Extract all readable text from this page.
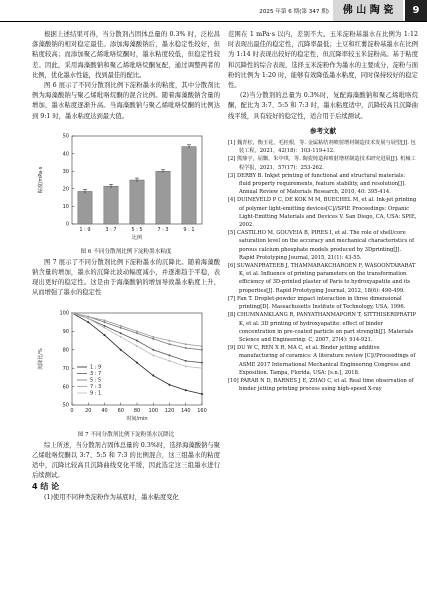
2025 年第 6 期(第 347 期)	佛 山 陶 瓷	9

根据上述结果可得，当分散剂占固体总量的 0.3% 时，泛松昌落藻酸钠的相对稳定最佳。添加海藻酸钠后，墨水稳定性较好，但粘度较高；而添加聚乙烯吡咯烷酮时，墨水粘度较低，但稳定性较差。因此，采用海藻酸钠和聚乙烯吡咯烷酮复配，通过调整两者的比例，优化墨水性能，找到最佳的配比。

图 6 展示了不同分散剂比例下淀粉墨水的粘度，其中分散剂比例为海藻酸钠与聚乙烯吡咯烷酮的混合比例。随着海藻酸钠含量的增加，墨水粘度逐渐升高。当海藻酸钠与聚乙烯吡咯烷酮的比例达到 9:1 时，墨水粘度达到最大值。

0
10
20
30
40
50
1 : 9	3 : 7	5 : 5	7 : 3	9 : 1
比例
粘度/mPa·s

图 6 不同分散剂比例下淀粉墨水粘度

图 7 展示了不同分散剂比例下淀粉墨水的沉降比。随着海藻酸钠含量的增加，墨水的沉降比波动幅度减小，并逐渐趋于平稳，表现出更好的稳定性。这是由于海藻酸钠的增加导致墨水粘度上升，从而增强了墨水的稳定性

50
60
70
80
90
100
0 20 40 60 80 100 120 140 160
1 : 9
3 : 7
5 : 5
7 : 3
9 : 1
时间/min
沉降比/%

图 7 不同分散剂比例下淀粉墨水沉降比

综上所述，当分散剂占固体总量的 0.3%时，选择海藻酸钠与聚乙烯吡咯烷酮以 3:7、5:5 和 7:3 的比例混合，这三组墨水的粘度适中，沉降比较高且沉降曲线变化平缓，因此选定这三组墨水进行后续测试。

4 结 论

(1)使用不同种类淀粉作为基底时，墨水粘度变化

范围在 1 mPa·s 以内，差别不大。玉米淀粉基墨水在比例为 1:12 时表现出最佳的稳定性，沉降率最低；土豆和红薯淀粉基墨水在比例为 1:14 时表现出较好的稳定性，但沉降率较玉米淀粉高。基于粘度和沉降性的综合表现，选择玉米淀粉作为墨水的主要成分，淀粉与面粉的比例为 1:20 时，能够有效降低墨水粘度，同时保持较好的稳定性。

(2)当分散剂的总量为 0.3%时，复配海藻酸钠和聚乙烯吡咯烷酮，配比为 3:7、5:5 和 7:3 时，墨水粘度适中，沉降较高且沉降曲线平缓，具有较好的稳定性，适合用于后续测试。

参考文献

[1] 魏青松，衡玉花，毛桂根，等. 金属粘结剂喷射增材制造技术发展与展望[J]. 包装工程，2021，42(18)：103-119+12.

[2] 熊鼎宇，屈飘，朱中琪，等. 陶瓷铸造和喷射增材制造技术研究进展[J]. 机械工程学报，2021，57(17)：253-262.

[3] DERBY B. Inkjet printing of functional and structural materials: fluid property requirements, feature stability, and resolution[J]. Annual Review of Materials Research, 2010, 40: 395-414.

[4] DUINEVELD P C, DE KOK M M, BUECHEL M, et al. Ink-jet printing of polymer light-emitting devices[C]//SPIE Proceedings: Organic Light-Emitting Materials and Devices V. San Diego, CA, USA: SPIE, 2002.

[5] CASTILHO M, GOUVEIA B, PIRES I, et al. The role of shell/core saturation level on the accuracy and mechanical characteristics of porous calcium phosphate models produced by 3Dprinting[J]. Rapid Prototyping Journal, 2015, 21(1): 43-55.

[6] SUWANPRATEEB J, THAMMARAKCHAROEN F, WASOONTARARAT K, et al. Influence of printing parameters on the transformation efficiency of 3D-printed plaster of Paris to hydroxyapatite and its properties[J]. Rapid Prototyping Journal, 2012, 18(6): 490-499.

[7] Fan T. Droplet-powder impact interaction in three dimensional printing[D]. Massachusetts Institute of Technology, USA, 1996.

[8] CHUMNANKLANG R, PANYATHANMAPORN T, SITTHISERIPRATIP K, et al. 3D printing of hydroxyapatite: effect of binder concentration in pre-coated particle on part strength[J]. Materials Science and Engineering: C, 2007, 27(4): 914-921.

[9] DU W C, REN X R, MA C, et al. Binder jetting additive manufacturing of ceramics: A literature review [C]//Proceedings of ASME 2017 International Mechanical Engineering Congress and Exposition. Tampa, Florida, USA: [s.n.], 2018.

[10] PARAB N D, BARNES J E, ZHAO C, et al. Real time observation of binder jetting printing process using high-speed X-ray
